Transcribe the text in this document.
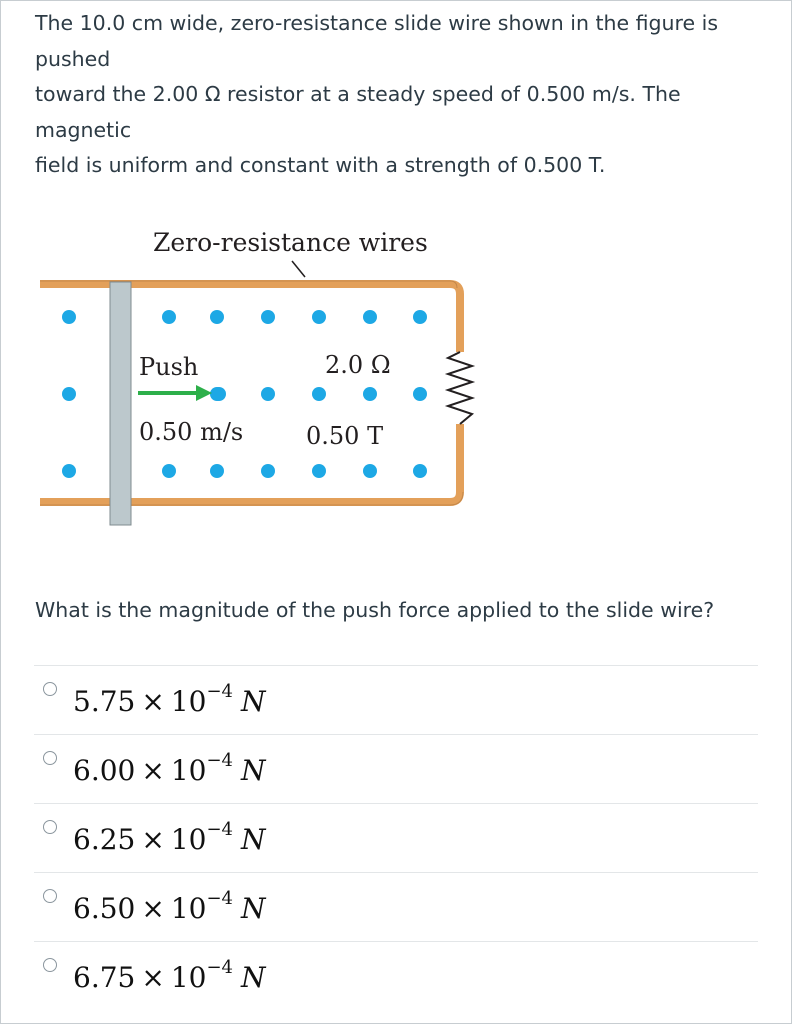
The 10.0 cm wide, zero-resistance slide wire shown in the figure is
pushed
toward the 2.00 Ω resistor at a steady speed of 0.500 m/s. The
magnetic
field is uniform and constant with a strength of 0.500 T.
Zero-resistance wires
Push
0.50 m/s
2.0 Ω
0.50 T
What is the magnitude of the push force applied to the slide wire?
$5.75 \times 10^{-4}$ N
$6.00 \times 10^{-4}$ N
$6.25 \times 10^{-4}$ N
$6.50 \times 10^{-4}$ N
$6.75 \times 10^{-4}$ N
